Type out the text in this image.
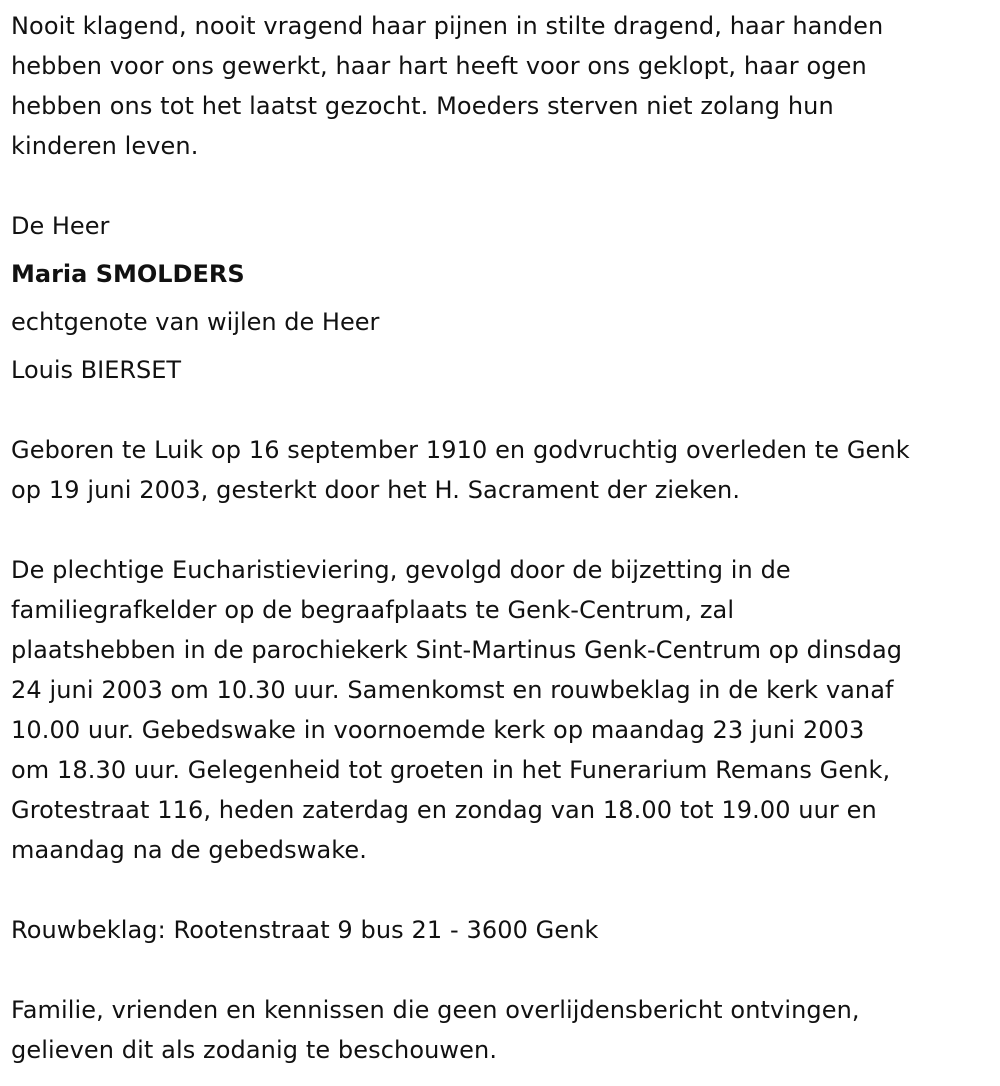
Nooit klagend, nooit vragend haar pijnen in stilte dragend, haar handen
hebben voor ons gewerkt, haar hart heeft voor ons geklopt, haar ogen
hebben ons tot het laatst gezocht. Moeders sterven niet zolang hun
kinderen leven.

De Heer
Maria SMOLDERS
echtgenote van wijlen de Heer
Louis BIERSET

Geboren te Luik op 16 september 1910 en godvruchtig overleden te Genk
op 19 juni 2003, gesterkt door het H. Sacrament der zieken.

De plechtige Eucharistieviering, gevolgd door de bijzetting in de
familiegrafkelder op de begraafplaats te Genk-Centrum, zal
plaatshebben in de parochiekerk Sint-Martinus Genk-Centrum op dinsdag
24 juni 2003 om 10.30 uur. Samenkomst en rouwbeklag in de kerk vanaf
10.00 uur. Gebedswake in voornoemde kerk op maandag 23 juni 2003
om 18.30 uur. Gelegenheid tot groeten in het Funerarium Remans Genk,
Grotestraat 116, heden zaterdag en zondag van 18.00 tot 19.00 uur en
maandag na de gebedswake.

Rouwbeklag: Rootenstraat 9 bus 21 - 3600 Genk

Familie, vrienden en kennissen die geen overlijdensbericht ontvingen,
gelieven dit als zodanig te beschouwen.
